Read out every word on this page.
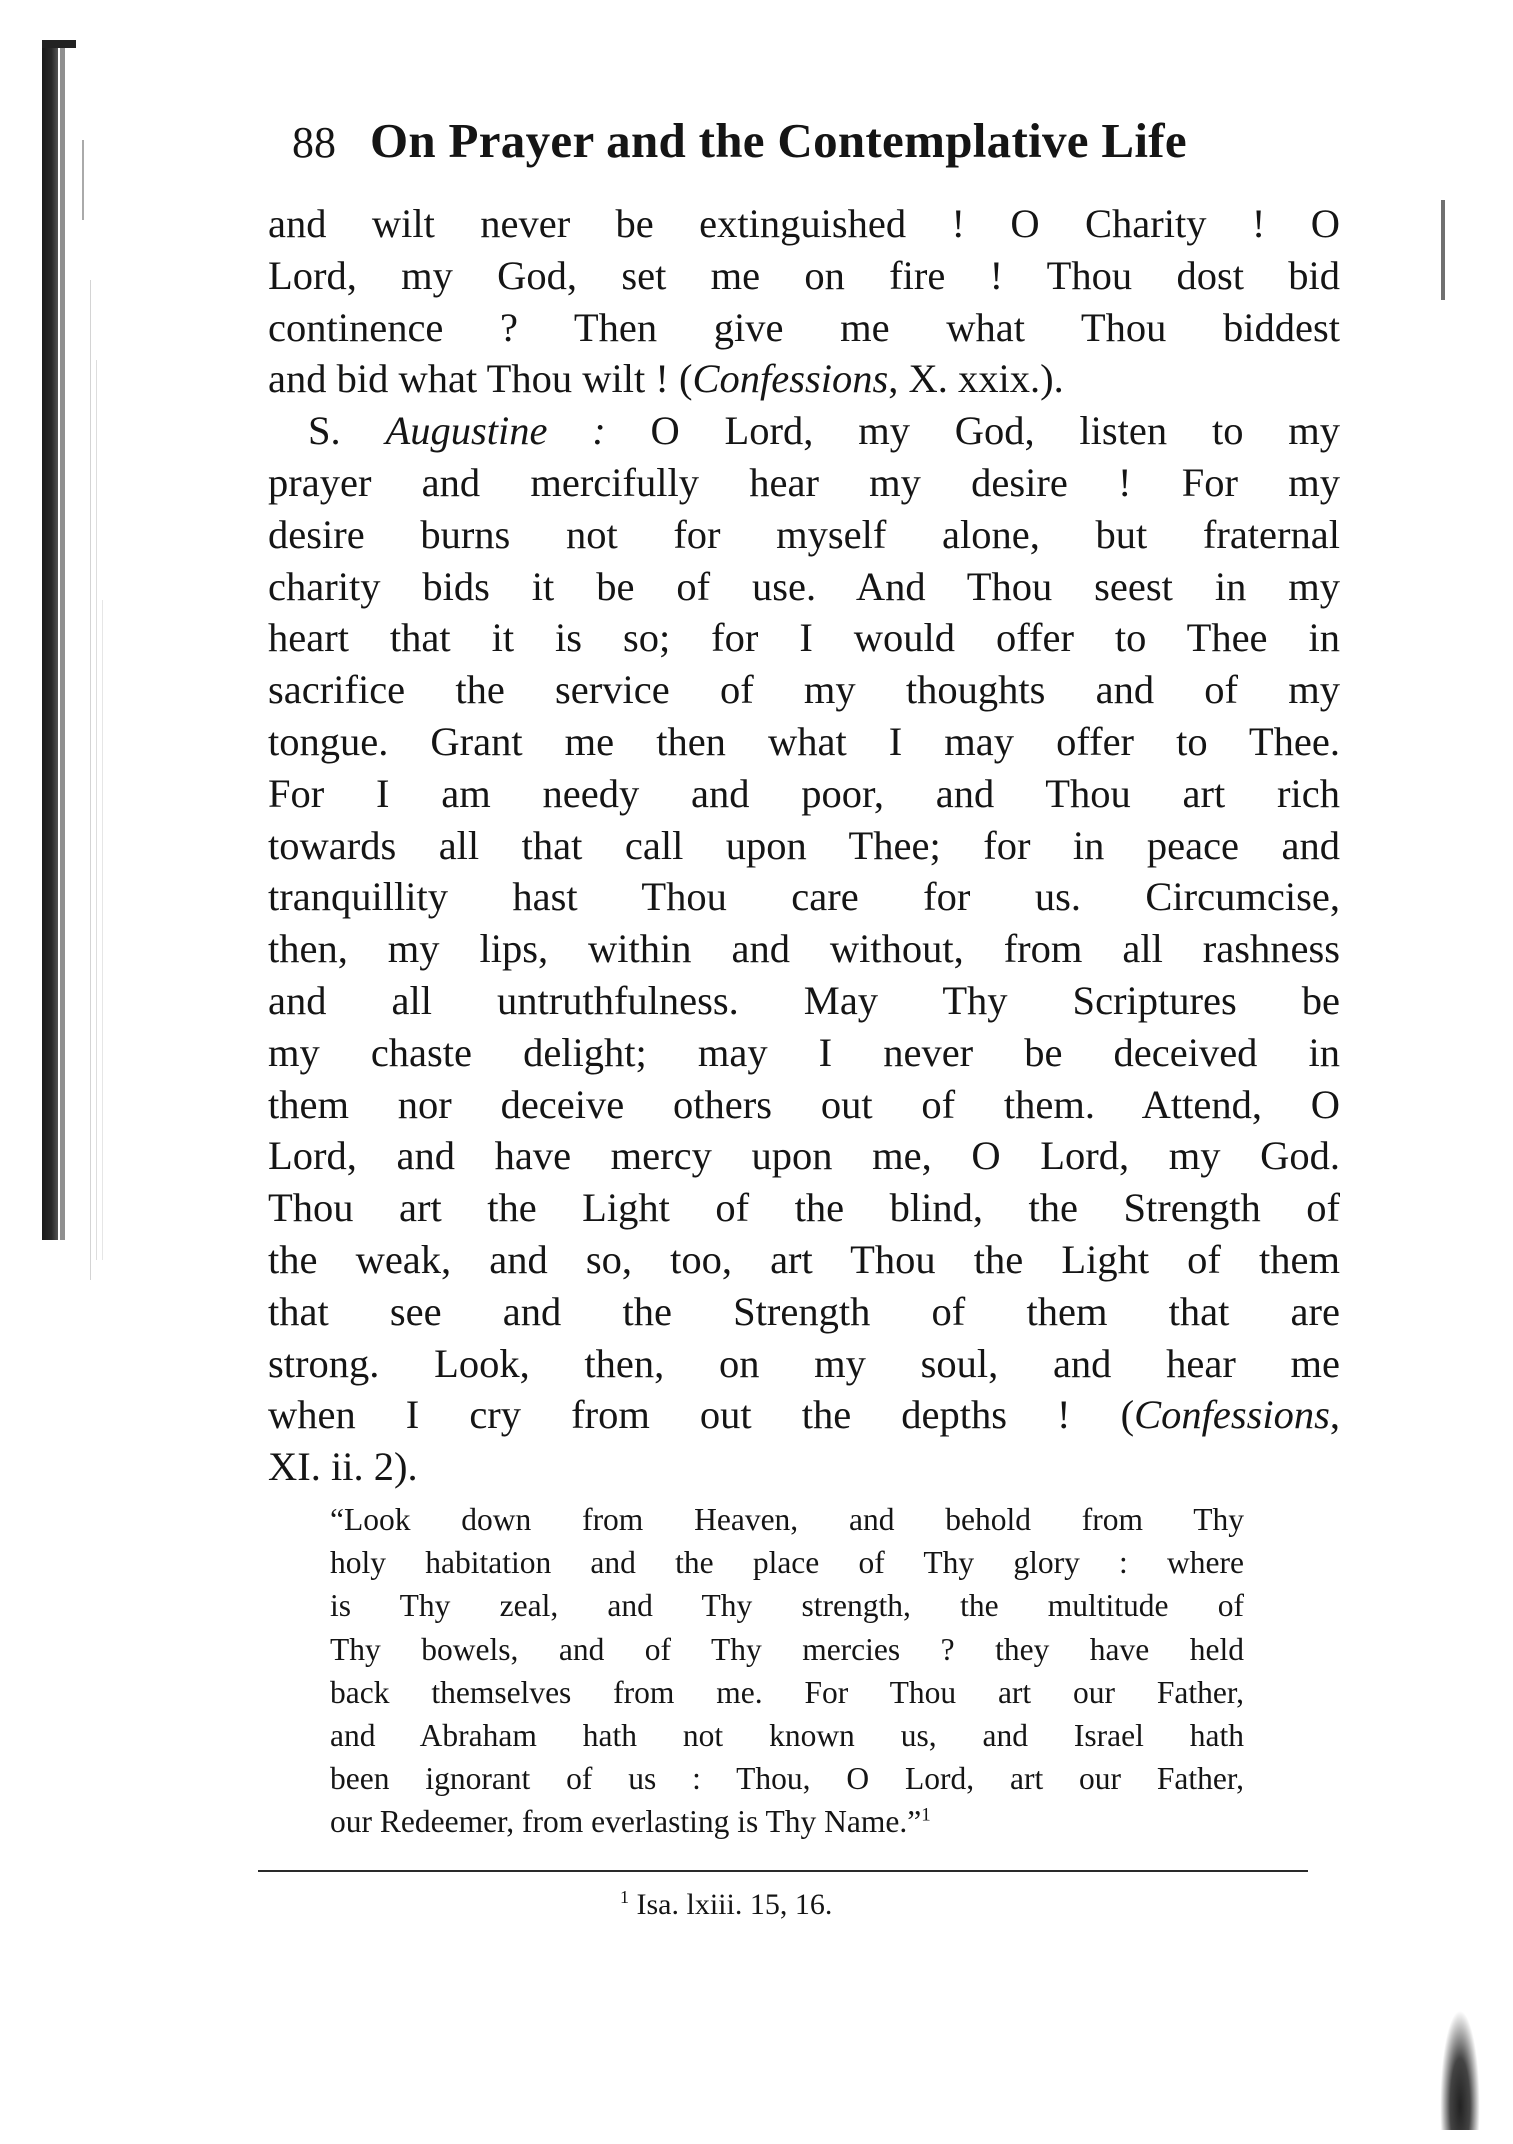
88 On Prayer and the Contemplative Life
and wilt never be extinguished ! O Charity ! O
Lord, my God, set me on fire ! Thou dost bid
continence ? Then give me what Thou biddest
and bid what Thou wilt ! (Confessions, X. xxix.).
S. Augustine : O Lord, my God, listen to my
prayer and mercifully hear my desire ! For my
desire burns not for myself alone, but fraternal
charity bids it be of use. And Thou seest in my
heart that it is so; for I would offer to Thee in
sacrifice the service of my thoughts and of my
tongue. Grant me then what I may offer to Thee.
For I am needy and poor, and Thou art rich
towards all that call upon Thee; for in peace and
tranquillity hast Thou care for us. Circumcise,
then, my lips, within and without, from all rashness
and all untruthfulness. May Thy Scriptures be
my chaste delight; may I never be deceived in
them nor deceive others out of them. Attend, O
Lord, and have mercy upon me, O Lord, my God.
Thou art the Light of the blind, the Strength of
the weak, and so, too, art Thou the Light of them
that see and the Strength of them that are
strong. Look, then, on my soul, and hear me
when I cry from out the depths ! (Confessions,
XI. ii. 2).
“Look down from Heaven, and behold from Thy
holy habitation and the place of Thy glory : where
is Thy zeal, and Thy strength, the multitude of
Thy bowels, and of Thy mercies ? they have held
back themselves from me. For Thou art our Father,
and Abraham hath not known us, and Israel hath
been ignorant of us : Thou, O Lord, art our Father,
our Redeemer, from everlasting is Thy Name.”$^1$
$^1$ Isa. lxiii. 15, 16.
